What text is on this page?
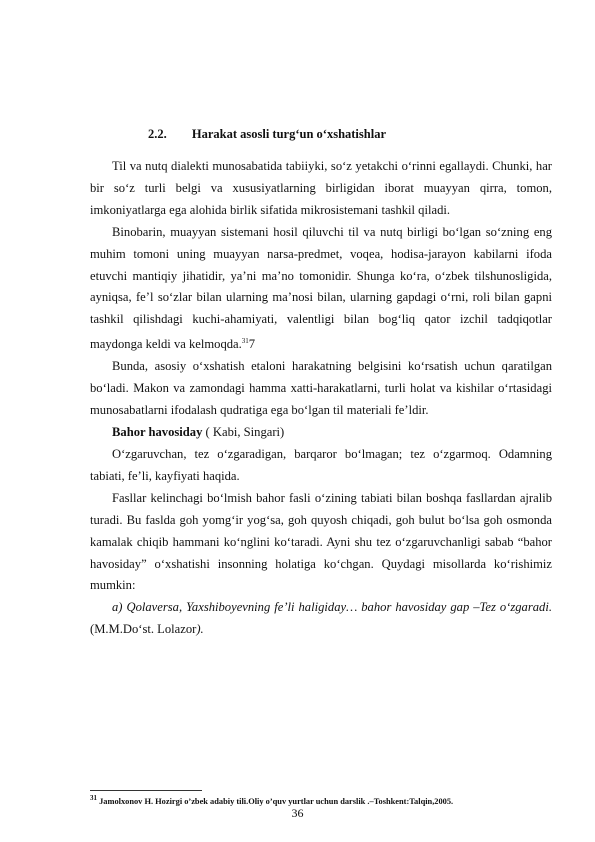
2.2. Harakat asosli turg‘un o‘xshatishlar

Til va nutq dialekti munosabatida tabiiyki, so‘z yetakchi o‘rinni egallaydi. Chunki, har bir so‘z turli belgi va xususiyatlarning birligidan iborat muayyan qirra, tomon, imkoniyatlarga ega alohida birlik sifatida mikrosistemani tashkil qiladi.

Binobarin, muayyan sistemani hosil qiluvchi til va nutq birligi bo‘lgan so‘zning eng muhim tomoni uning muayyan narsa-predmet, voqea, hodisa-jarayon kabilarni ifoda etuvchi mantiqiy jihatidir, ya’ni ma’no tomonidir. Shunga ko‘ra, o‘zbek tilshunosligida, ayniqsa, fe’l so‘zlar bilan ularning ma’nosi bilan, ularning gapdagi o‘rni, roli bilan gapni tashkil qilishdagi kuchi-ahamiyati, valentligi bilan bog‘liq qator izchil tadqiqotlar maydonga keldi va kelmoqda.$^{31}$7

Bunda, asosiy o‘xshatish etaloni harakatning belgisini ko‘rsatish uchun qaratilgan bo‘ladi. Makon va zamondagi hamma xatti-harakatlarni, turli holat va kishilar o‘rtasidagi munosabatlarni ifodalash qudratiga ega bo‘lgan til materiali fe’ldir.

Bahor havosiday ( Kabi, Singari)

O‘zgaruvchan, tez o‘zgaradigan, barqaror bo‘lmagan; tez o‘zgarmoq. Odamning tabiati, fe’li, kayfiyati haqida.

Fasllar kelinchagi bo‘lmish bahor fasli o‘zining tabiati bilan boshqa fasllardan ajralib turadi. Bu faslda goh yomg‘ir yog‘sa, goh quyosh chiqadi, goh bulut bo‘lsa goh osmonda kamalak chiqib hammani ko‘nglini ko‘taradi. Ayni shu tez o‘zgaruvchanligi sabab “bahor havosiday” o‘xshatishi insonning holatiga ko‘chgan. Quydagi misollarda ko‘rishimiz mumkin:

a) Qolaversa, Yaxshiboyevning fe’li haligiday… bahor havosiday gap –Tez o‘zgaradi.(M.M.Do‘st. Lolazor).

$^{31}$ Jamolxonov H. Hozirgi o’zbek adabiy tili.Oliy o’quv yurtlar uchun darslik .–Toshkent:Talqin,2005.
36
